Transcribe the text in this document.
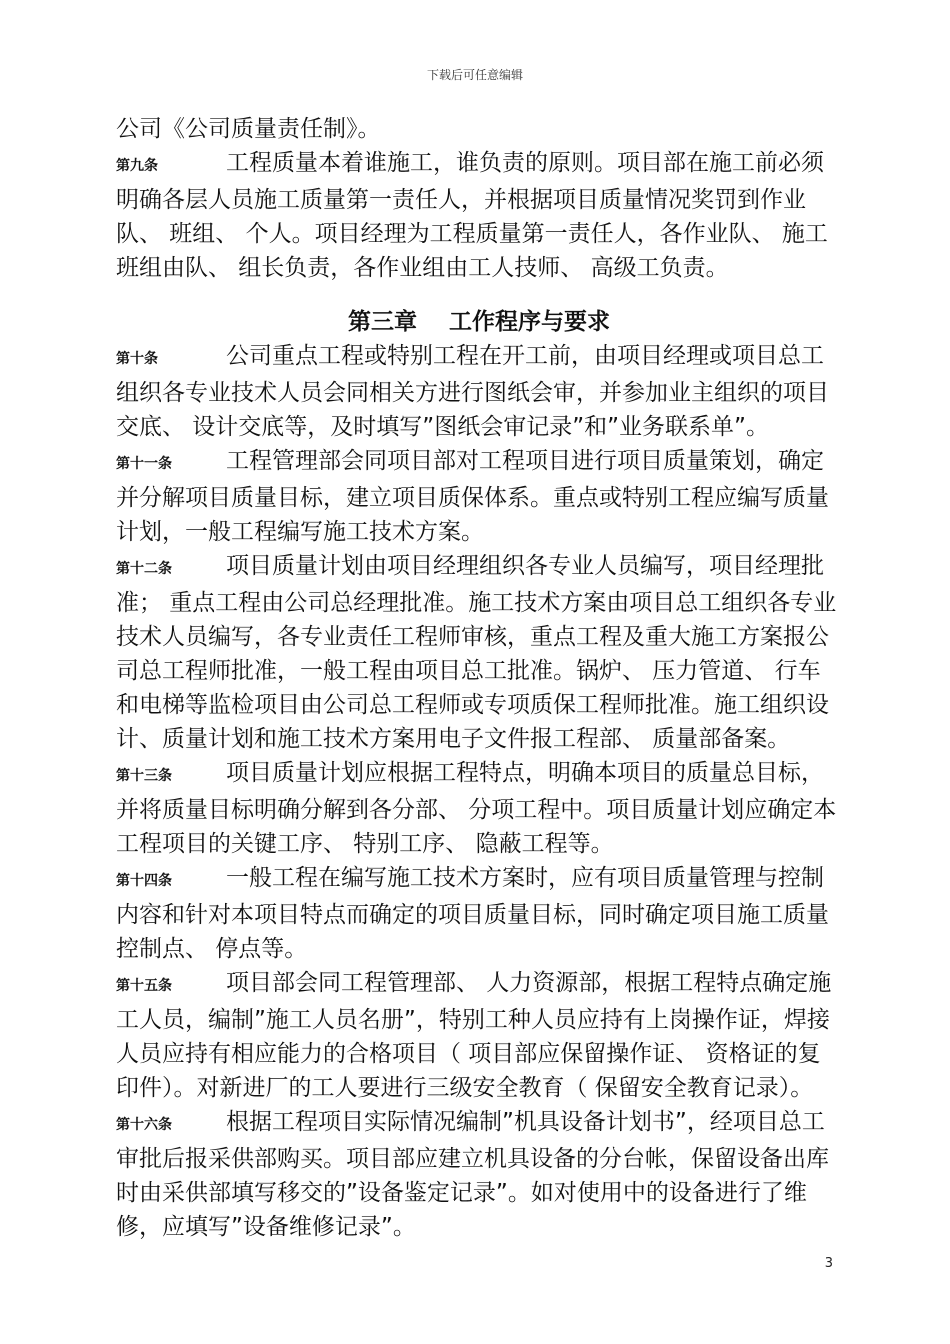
下载后可任意编辑

公司《公司质量责任制》。

第九条	工程质量本着谁施工，谁负责的原则。项目部在施工前必须明确各层人员施工质量第一责任人，并根据项目质量情况奖罚到作业队、 班组、 个人。项目经理为工程质量第一责任人，各作业队、 施工班组由队、 组长负责，各作业组由工人技师、 高级工负责。

第三章    工作程序与要求

第十条	公司重点工程或特别工程在开工前，由项目经理或项目总工组织各专业技术人员会同相关方进行图纸会审，并参加业主组织的项目交底、 设计交底等，及时填写”图纸会审记录”和”业务联系单”。

第十一条 工程管理部会同项目部对工程项目进行项目质量策划，确定并分解项目质量目标，建立项目质保体系。重点或特别工程应编写质量计划，一般工程编写施工技术方案。

第十二条 项目质量计划由项目经理组织各专业人员编写，项目经理批准； 重点工程由公司总经理批准。施工技术方案由项目总工组织各专业技术人员编写，各专业责任工程师审核，重点工程及重大施工方案报公司总工程师批准，一般工程由项目总工批准。锅炉、 压力管道、 行车和电梯等监检项目由公司总工程师或专项质保工程师批准。施工组织设计、质量计划和施工技术方案用电子文件报工程部、 质量部备案。

第十三条 项目质量计划应根据工程特点，明确本项目的质量总目标，并将质量目标明确分解到各分部、 分项工程中。项目质量计划应确定本工程项目的关键工序、 特别工序、 隐蔽工程等。

第十四条 一般工程在编写施工技术方案时，应有项目质量管理与控制内容和针对本项目特点而确定的项目质量目标，同时确定项目施工质量控制点、 停点等。

第十五条 项目部会同工程管理部、 人力资源部，根据工程特点确定施工人员，编制”施工人员名册”，特别工种人员应持有上岗操作证，焊接人员应持有相应能力的合格项目（ 项目部应保留操作证、 资格证的复印件）。对新进厂的工人要进行三级安全教育（ 保留安全教育记录）。

第十六条 根据工程项目实际情况编制”机具设备计划书”，经项目总工审批后报采供部购买。项目部应建立机具设备的分台帐，保留设备出库时由采供部填写移交的”设备鉴定记录”。如对使用中的设备进行了维修，应填写”设备维修记录”。

3
